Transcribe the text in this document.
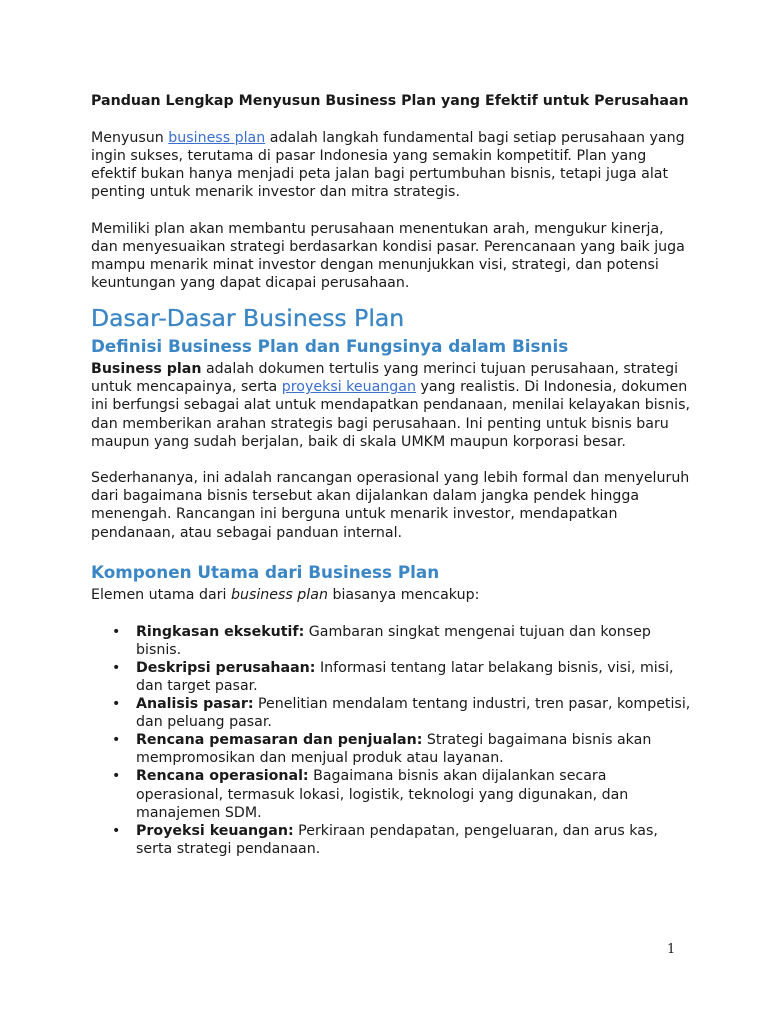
Panduan Lengkap Menyusun Business Plan yang Efektif untuk Perusahaan

Menyusun business plan adalah langkah fundamental bagi setiap perusahaan yang ingin sukses, terutama di pasar Indonesia yang semakin kompetitif. Plan yang efektif bukan hanya menjadi peta jalan bagi pertumbuhan bisnis, tetapi juga alat penting untuk menarik investor dan mitra strategis.

Memiliki plan akan membantu perusahaan menentukan arah, mengukur kinerja, dan menyesuaikan strategi berdasarkan kondisi pasar. Perencanaan yang baik juga mampu menarik minat investor dengan menunjukkan visi, strategi, dan potensi keuntungan yang dapat dicapai perusahaan.

Dasar-Dasar Business Plan
Definisi Business Plan dan Fungsinya dalam Bisnis

Business plan adalah dokumen tertulis yang merinci tujuan perusahaan, strategi untuk mencapainya, serta proyeksi keuangan yang realistis. Di Indonesia, dokumen ini berfungsi sebagai alat untuk mendapatkan pendanaan, menilai kelayakan bisnis, dan memberikan arahan strategis bagi perusahaan. Ini penting untuk bisnis baru maupun yang sudah berjalan, baik di skala UMKM maupun korporasi besar.

Sederhananya, ini adalah rancangan operasional yang lebih formal dan menyeluruh dari bagaimana bisnis tersebut akan dijalankan dalam jangka pendek hingga menengah. Rancangan ini berguna untuk menarik investor, mendapatkan pendanaan, atau sebagai panduan internal.

Komponen Utama dari Business Plan

Elemen utama dari business plan biasanya mencakup:

• Ringkasan eksekutif: Gambaran singkat mengenai tujuan dan konsep bisnis.
• Deskripsi perusahaan: Informasi tentang latar belakang bisnis, visi, misi, dan target pasar.
• Analisis pasar: Penelitian mendalam tentang industri, tren pasar, kompetisi, dan peluang pasar.
• Rencana pemasaran dan penjualan: Strategi bagaimana bisnis akan mempromosikan dan menjual produk atau layanan.
• Rencana operasional: Bagaimana bisnis akan dijalankan secara operasional, termasuk lokasi, logistik, teknologi yang digunakan, dan manajemen SDM.
• Proyeksi keuangan: Perkiraan pendapatan, pengeluaran, dan arus kas, serta strategi pendanaan.
1
